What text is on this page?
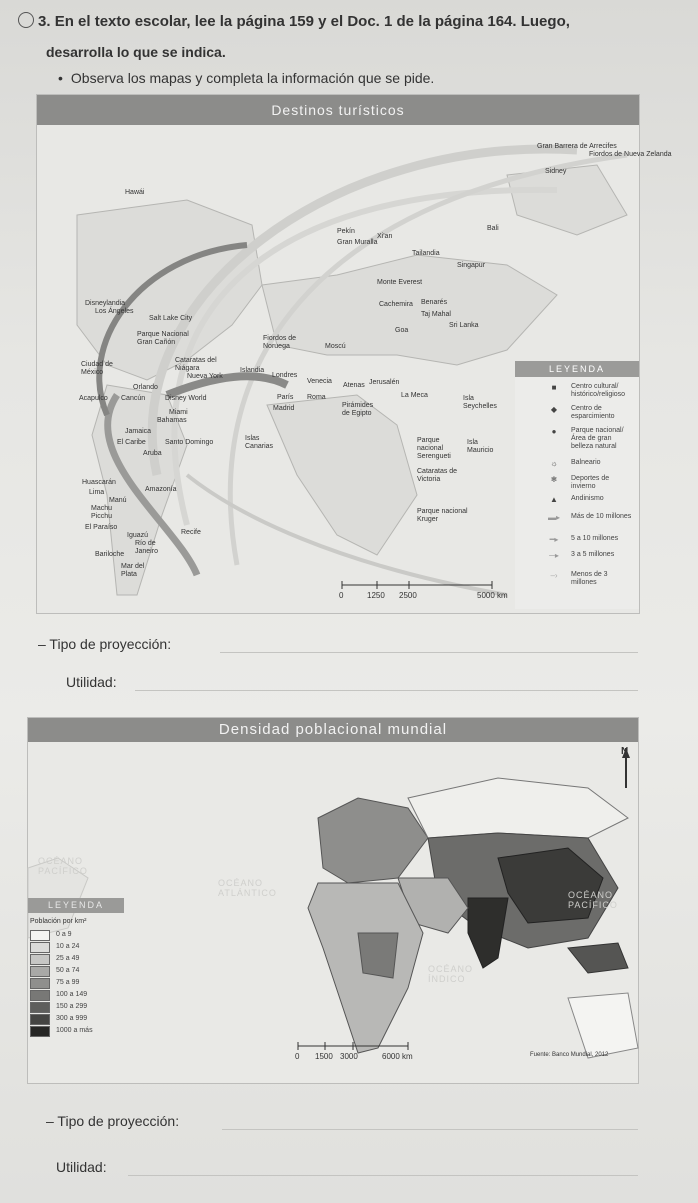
3. En el texto escolar, lee la página 159 y el Doc. 1 de la página 164. Luego,
desarrolla lo que se indica.
• Observa los mapas y completa la información que se pide.
Destinos turísticos
Gran Barrera de Arrecifes
Fiordos de Nueva Zelanda
Sidney
Hawái
Pekín
Gran Muralla
Xi'an
Tailandia
Bali
Singapur
Monte Everest
Cachemira Benarés
Taj Mahal
Goa
Sri Lanka
Disneylandia
Los Ángeles
Salt Lake City
Parque Nacional Gran Cañón
Fiordos de Noruega	Moscú
Islandia
Cataratas del Niágara
Nueva York
Ciudad de México
Orlando
Disney World
Acapulco Cancún
Miami
Bahamas
Jamaica
El Caribe	Santo Domingo
Aruba
Londres
Venecia
Atenas Jerusalén
París Roma
Pirámides de Egipto
La Meca
Madrid
Islas Canarias
Isla Seychelles
Parque nacional Serengueti
Isla Mauricio
Cataratas de Victoria
Parque nacional Kruger
Huascarán
Lima
Machu Picchu
Manú
Amazonía
El Paraíso
Iguazú
Río de Janeiro
Recife
Bariloche
Mar del Plata
0	1250 2500	5000 km
LEYENDA
■	Centro cultural/ histórico/religioso
◆	Centro de esparcimiento
●	Parque nacional/ Área de gran belleza natural
☼	Balneario
❄	Deportes de invierno
▲	Andinismo
▬▸ Más de 10 millones
━▸	5 a 10 millones
─▸	3 a 5 millones
–›	Menos de 3 millones
– Tipo de proyección:
Utilidad:
Densidad poblacional mundial
N
OCÉANO PACÍFICO
OCÉANO ATLÁNTICO	OCÉANO PACÍFICO
OCÉANO ÍNDICO
LEYENDA
Población por km²
0 a 9
10 a 24
25 a 49
50 a 74
75 a 99
100 a 149
150 a 299
300 a 999
1000 a más
0 1500 3000	6000 km	Fuente: Banco Mundial, 2012
– Tipo de proyección:
Utilidad:
